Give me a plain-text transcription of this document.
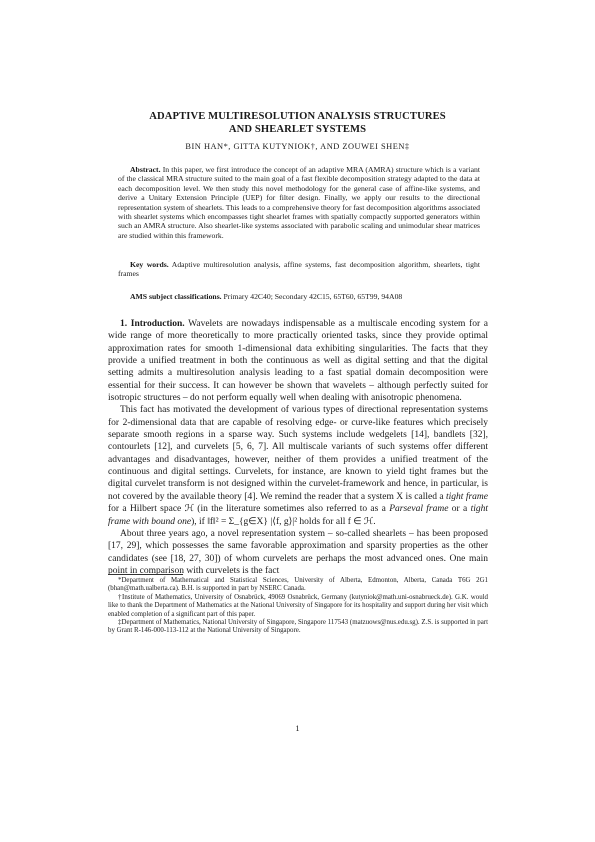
ADAPTIVE MULTIRESOLUTION ANALYSIS STRUCTURES
AND SHEARLET SYSTEMS
BIN HAN*, GITTA KUTYNIOK†, AND ZOUWEI SHEN‡
Abstract. In this paper, we first introduce the concept of an adaptive MRA (AMRA) structure which is a variant of the classical MRA structure suited to the main goal of a fast flexible decomposition strategy adapted to the data at each decomposition level. We then study this novel methodology for the general case of affine-like systems, and derive a Unitary Extension Principle (UEP) for filter design. Finally, we apply our results to the directional representation system of shearlets. This leads to a comprehensive theory for fast decomposition algorithms associated with shearlet systems which encompasses tight shearlet frames with spatially compactly supported generators within such an AMRA structure. Also shearlet-like systems associated with parabolic scaling and unimodular shear matrices are studied within this framework.
Key words. Adaptive multiresolution analysis, affine systems, fast decomposition algorithm, shearlets, tight frames
AMS subject classifications. Primary 42C40; Secondary 42C15, 65T60, 65T99, 94A08

1. Introduction. Wavelets are nowadays indispensable as a multiscale encoding system for a wide range of more theoretically to more practically oriented tasks, since they provide optimal approximation rates for smooth 1-dimensional data exhibiting singularities. The facts that they provide a unified treatment in both the continuous as well as digital setting and that the digital setting admits a multiresolution analysis leading to a fast spatial domain decomposition were essential for their success. It can however be shown that wavelets – although perfectly suited for isotropic structures – do not perform equally well when dealing with anisotropic phenomena.

This fact has motivated the development of various types of directional representation systems for 2-dimensional data that are capable of resolving edge- or curve-like features which precisely separate smooth regions in a sparse way. Such systems include wedgelets [14], bandlets [32], contourlets [12], and curvelets [5, 6, 7]. All multiscale variants of such systems offer different advantages and disadvantages, however, neither of them provides a unified treatment of the continuous and digital settings. Curvelets, for instance, are known to yield tight frames but the digital curvelet transform is not designed within the curvelet-framework and hence, in particular, is not covered by the available theory [4]. We remind the reader that a system X is called a tight frame for a Hilbert space ℋ (in the literature sometimes also referred to as a Parseval frame or a tight frame with bound one), if ‖f‖² = Σ_{g∈X} |⟨f, g⟩|² holds for all f ∈ ℋ.

About three years ago, a novel representation system – so-called shearlets – has been proposed [17, 29], which possesses the same favorable approximation and sparsity properties as the other candidates (see [18, 27, 30]) of whom curvelets are perhaps the most advanced ones. One main point in comparison with curvelets is the fact

*Department of Mathematical and Statistical Sciences, University of Alberta, Edmonton, Alberta, Canada T6G 2G1 (bhan@math.ualberta.ca). B.H. is supported in part by NSERC Canada.

†Institute of Mathematics, University of Osnabrück, 49069 Osnabrück, Germany (kutyniok@math.uni-osnabrueck.de). G.K. would like to thank the Department of Mathematics at the National University of Singapore for its hospitality and support during her visit which enabled completion of a significant part of this paper.

‡Department of Mathematics, National University of Singapore, Singapore 117543 (matzuows@nus.edu.sg). Z.S. is supported in part by Grant R-146-000-113-112 at the National University of Singapore.

1
